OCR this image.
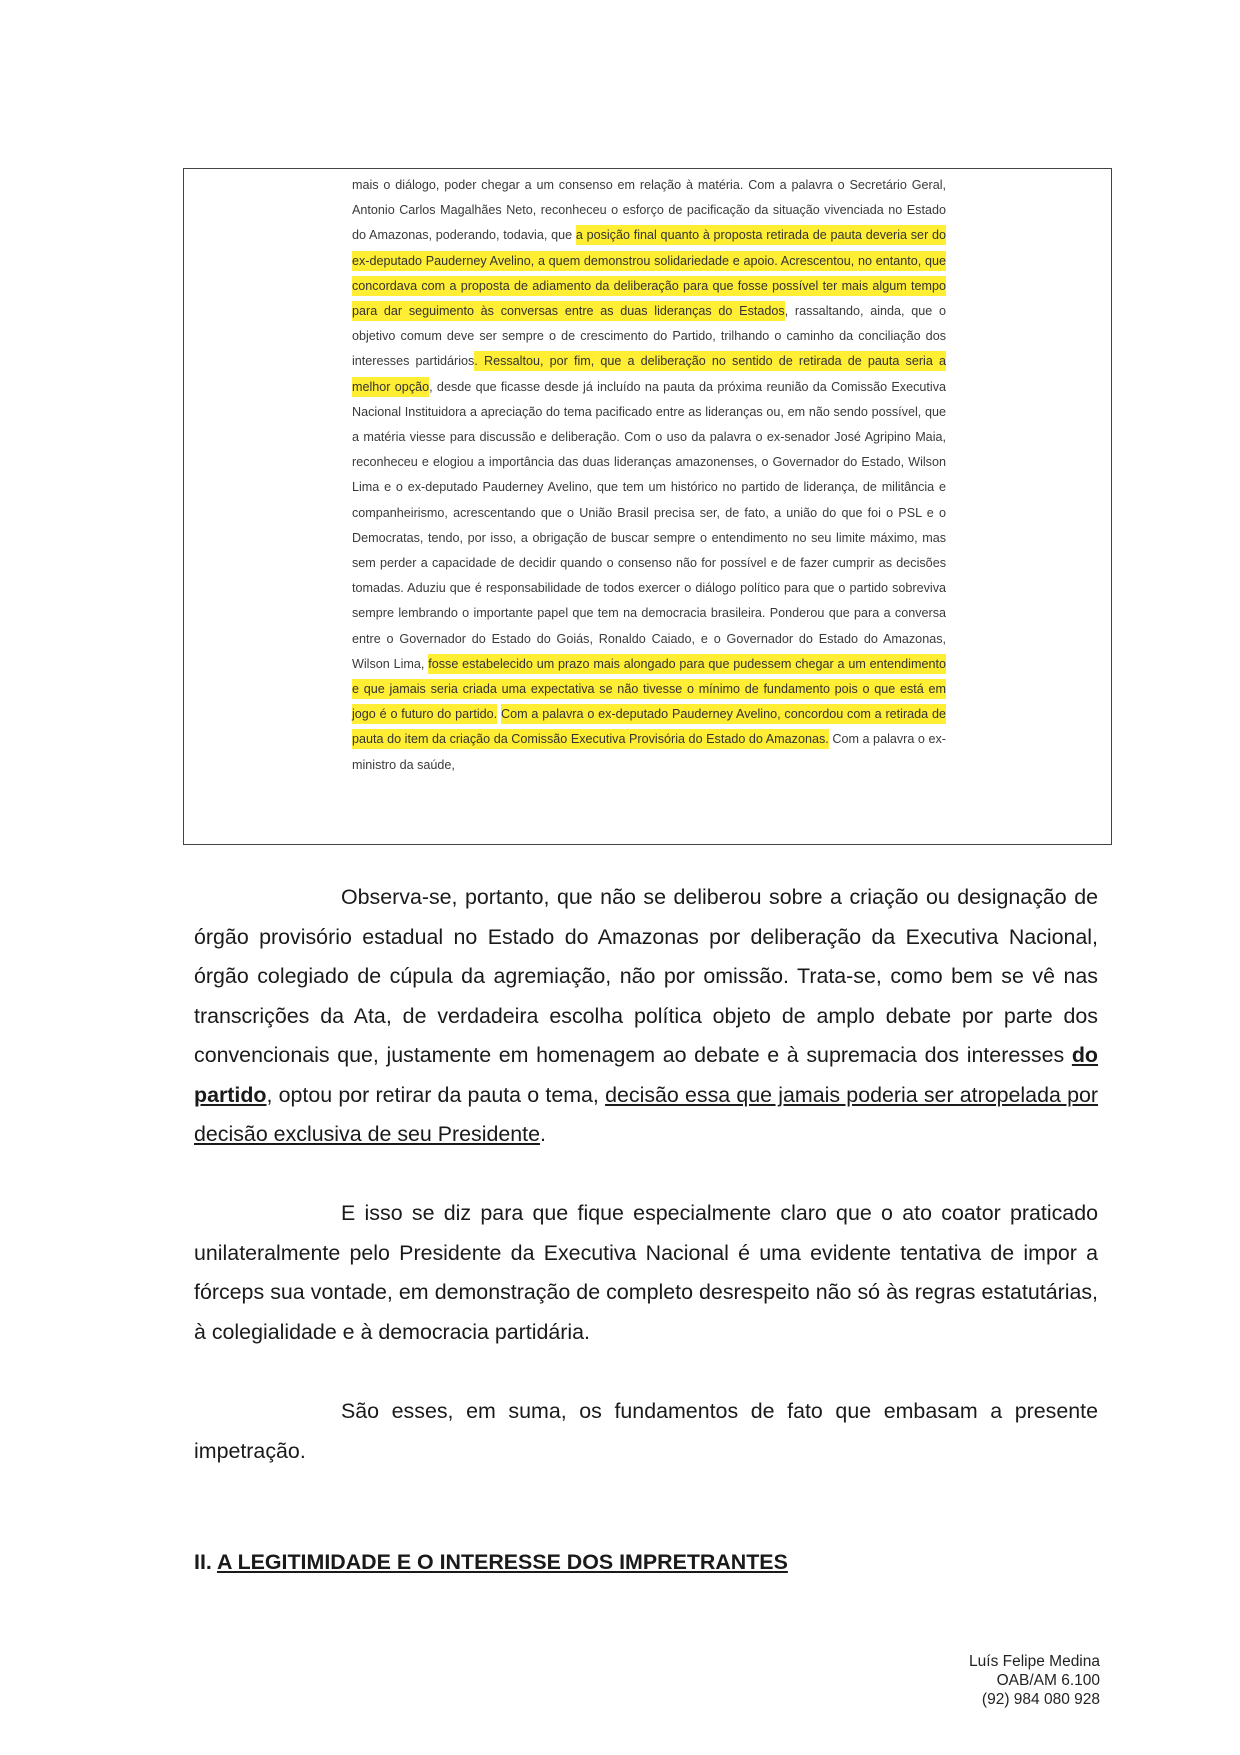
mais o diálogo, poder chegar a um consenso em relação à matéria. Com a palavra o Secretário Geral, Antonio Carlos Magalhães Neto, reconheceu o esforço de pacificação da situação vivenciada no Estado do Amazonas, poderando, todavia, que a posição final quanto à proposta retirada de pauta deveria ser do ex-deputado Pauderney Avelino, a quem demonstrou solidariedade e apoio. Acrescentou, no entanto, que concordava com a proposta de adiamento da deliberação para que fosse possível ter mais algum tempo para dar seguimento às conversas entre as duas lideranças do Estados, rassaltando, ainda, que o objetivo comum deve ser sempre o de crescimento do Partido, trilhando o caminho da conciliação dos interesses partidários. Ressaltou, por fim, que a deliberação no sentido de retirada de pauta seria a melhor opção, desde que ficasse desde já incluído na pauta da próxima reunião da Comissão Executiva Nacional Instituidora a apreciação do tema pacificado entre as lideranças ou, em não sendo possível, que a matéria viesse para discussão e deliberação. Com o uso da palavra o ex-senador José Agripino Maia, reconheceu e elogiou a importância das duas lideranças amazonenses, o Governador do Estado, Wilson Lima e o ex-deputado Pauderney Avelino, que tem um histórico no partido de liderança, de militância e companheirismo, acrescentando que o União Brasil precisa ser, de fato, a união do que foi o PSL e o Democratas, tendo, por isso, a obrigação de buscar sempre o entendimento no seu limite máximo, mas sem perder a capacidade de decidir quando o consenso não for possível e de fazer cumprir as decisões tomadas. Aduziu que é responsabilidade de todos exercer o diálogo político para que o partido sobreviva sempre lembrando o importante papel que tem na democracia brasileira. Ponderou que para a conversa entre o Governador do Estado do Goiás, Ronaldo Caiado, e o Governador do Estado do Amazonas, Wilson Lima, fosse estabelecido um prazo mais alongado para que pudessem chegar a um entendimento e que jamais seria criada uma expectativa se não tivesse o mínimo de fundamento pois o que está em jogo é o futuro do partido. Com a palavra o ex-deputado Pauderney Avelino, concordou com a retirada de pauta do item da criação da Comissão Executiva Provisória do Estado do Amazonas. Com a palavra o ex-ministro da saúde,

Observa-se, portanto, que não se deliberou sobre a criação ou designação de órgão provisório estadual no Estado do Amazonas por deliberação da Executiva Nacional, órgão colegiado de cúpula da agremiação, não por omissão. Trata-se, como bem se vê nas transcrições da Ata, de verdadeira escolha política objeto de amplo debate por parte dos convencionais que, justamente em homenagem ao debate e à supremacia dos interesses do partido, optou por retirar da pauta o tema, decisão essa que jamais poderia ser atropelada por decisão exclusiva de seu Presidente.

E isso se diz para que fique especialmente claro que o ato coator praticado unilateralmente pelo Presidente da Executiva Nacional é uma evidente tentativa de impor a fórceps sua vontade, em demonstração de completo desrespeito não só às regras estatutárias, à colegialidade e à democracia partidária.

São esses, em suma, os fundamentos de fato que embasam a presente impetração.

II. A LEGITIMIDADE E O INTERESSE DOS IMPRETRANTES
Luís Felipe Medina
OAB/AM 6.100
(92) 984 080 928
